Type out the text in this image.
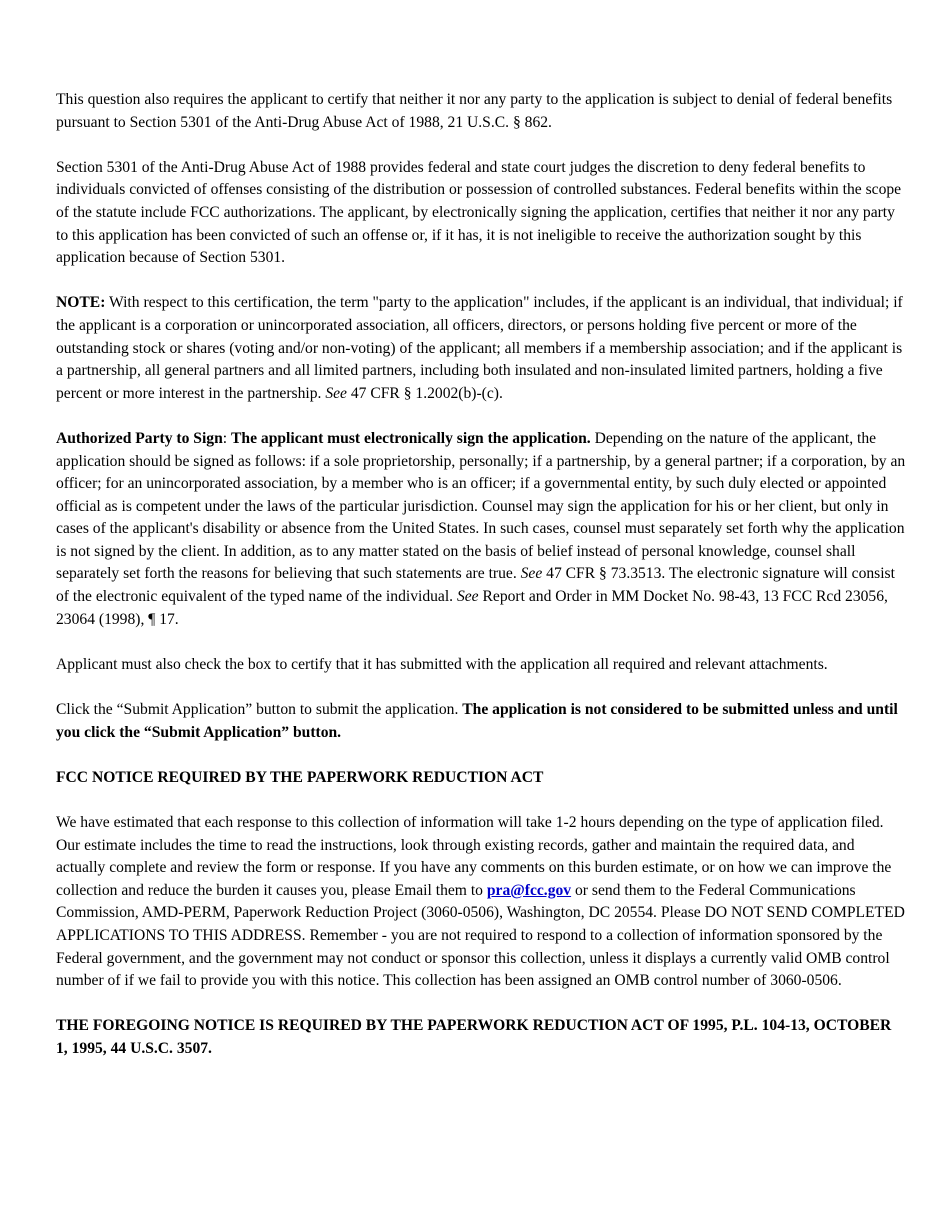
This question also requires the applicant to certify that neither it nor any party to the application is subject to denial of federal benefits pursuant to Section 5301 of the Anti-Drug Abuse Act of 1988, 21 U.S.C. § 862.

Section 5301 of the Anti-Drug Abuse Act of 1988 provides federal and state court judges the discretion to deny federal benefits to individuals convicted of offenses consisting of the distribution or possession of controlled substances. Federal benefits within the scope of the statute include FCC authorizations. The applicant, by electronically signing the application, certifies that neither it nor any party to this application has been convicted of such an offense or, if it has, it is not ineligible to receive the authorization sought by this application because of Section 5301.

NOTE: With respect to this certification, the term "party to the application" includes, if the applicant is an individual, that individual; if the applicant is a corporation or unincorporated association, all officers, directors, or persons holding five percent or more of the outstanding stock or shares (voting and/or non-voting) of the applicant; all members if a membership association; and if the applicant is a partnership, all general partners and all limited partners, including both insulated and non-insulated limited partners, holding a five percent or more interest in the partnership. See 47 CFR § 1.2002(b)-(c).

Authorized Party to Sign: The applicant must electronically sign the application. Depending on the nature of the applicant, the application should be signed as follows: if a sole proprietorship, personally; if a partnership, by a general partner; if a corporation, by an officer; for an unincorporated association, by a member who is an officer; if a governmental entity, by such duly elected or appointed official as is competent under the laws of the particular jurisdiction. Counsel may sign the application for his or her client, but only in cases of the applicant's disability or absence from the United States. In such cases, counsel must separately set forth why the application is not signed by the client. In addition, as to any matter stated on the basis of belief instead of personal knowledge, counsel shall separately set forth the reasons for believing that such statements are true. See 47 CFR § 73.3513. The electronic signature will consist of the electronic equivalent of the typed name of the individual. See Report and Order in MM Docket No. 98-43, 13 FCC Rcd 23056, 23064 (1998), ¶ 17.

Applicant must also check the box to certify that it has submitted with the application all required and relevant attachments.

Click the “Submit Application” button to submit the application. The application is not considered to be submitted unless and until you click the “Submit Application” button.

FCC NOTICE REQUIRED BY THE PAPERWORK REDUCTION ACT

We have estimated that each response to this collection of information will take 1-2 hours depending on the type of application filed. Our estimate includes the time to read the instructions, look through existing records, gather and maintain the required data, and actually complete and review the form or response. If you have any comments on this burden estimate, or on how we can improve the collection and reduce the burden it causes you, please Email them to pra@fcc.gov or send them to the Federal Communications Commission, AMD-PERM, Paperwork Reduction Project (3060-0506), Washington, DC 20554. Please DO NOT SEND COMPLETED APPLICATIONS TO THIS ADDRESS. Remember - you are not required to respond to a collection of information sponsored by the Federal government, and the government may not conduct or sponsor this collection, unless it displays a currently valid OMB control number of if we fail to provide you with this notice. This collection has been assigned an OMB control number of 3060-0506.

THE FOREGOING NOTICE IS REQUIRED BY THE PAPERWORK REDUCTION ACT OF 1995, P.L. 104-13, OCTOBER 1, 1995, 44 U.S.C. 3507.
